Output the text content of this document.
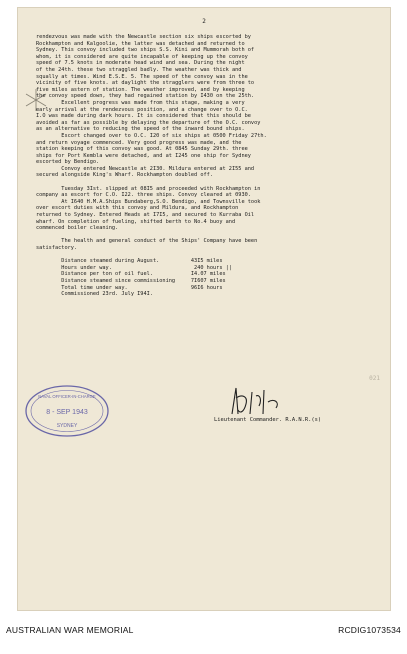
2
rendezvous was made with the Newcastle section six ships escorted by
Rockhampton and Kalgoolie, the latter was detached and returned to
Sydney. This convoy included two ships S.S. Kini and Mummorah both of
whom, it is considered are quite incapable of keeping up the convoy
speed of 7.5 knots in moderate head wind and sea. During the night
of the 24th. these two straggled badly. The weather was thick and
squally at times. Wind E.S.E. 5. The speed of the convoy was in the
vicinity of five knots. at daylight the stragglers were from three to
five miles astern of station. The weather improved, and by keeping
the convoy speed down, they had regained station by I430 on the 25th.
Excellent progress was made from this stage, making a very
early arrival at the rendezvous position, and a change over to O.C.
I.O was made during dark hours. It is considered that this should be
avoided as far as possible by delaying the departure of the O.C. convoy
as an alternative to reducing the speed of the inward bound ships.
Escort changed over to O.C. I20 of six ships at 0500 Friday 27th.
and return voyage commenced. Very good progress was made, and the
station keeping of this convoy was good. At 0845 Sunday 29th. three
ships for Port Kembla were detached, and at I245 one ship for Sydney
escorted by Bendigo.
Convoy entered Newcastle at 2I30. Mildura entered at 2I55 and
secured alongside King's Wharf. Rockhampton doubled off.

Tuesday 3Ist. slipped at 08I5 and proceeded with Rockhampton in
company as escort for C.O. I22. three ships. Convoy cleared at 0930.
At I640 H.M.A.Ships Bundaberg,S.O. Bendigo, and Townsville took
over escort duties with this convoy and Mildura, and Rockhampton
returned to Sydney. Entered Heads at I7I5, and secured to Kurraba Oil
wharf. On completion of fueling, shifted berth to No.4 buoy and
commenced boiler cleaning.

The health and general conduct of the Ships' Company have been
satisfactory.

Distance steamed during August.          43I5 miles
Hours under way.                          240 hours ||
Distance per ton of oil fuel.            I4.07 miles
Distance steamed since commissioning     7I607 miles
Total time under way.                    96I6 hours
Commissioned 23rd. July I94I.
021
NAVAL OFFICER-IN-CHARGE
8 - SEP 1943
SYDNEY
Lieutenant Commander. R.A.N.R.(s)
AUSTRALIAN WAR MEMORIAL	RCDIG1073534
